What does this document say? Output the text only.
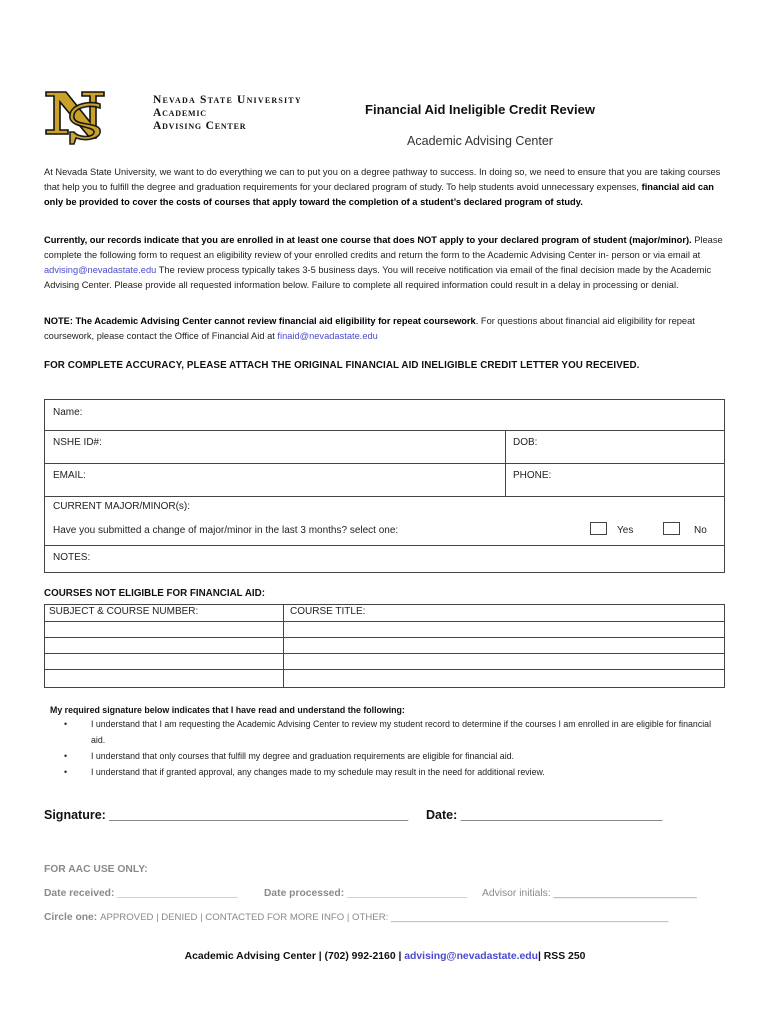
Nevada State University
Academic
Advising Center
Financial Aid Ineligible Credit Review
Academic Advising Center
At Nevada State University, we want to do everything we can to put you on a degree pathway to success. In doing so, we need to ensure that you are taking courses that help you to fulfill the degree and graduation requirements for your declared program of study. To help students avoid unnecessary expenses, financial aid can only be provided to cover the costs of courses that apply toward the completion of a student’s declared program of study.
Currently, our records indicate that you are enrolled in at least one course that does NOT apply to your declared program of student (major/minor). Please complete the following form to request an eligibility review of your enrolled credits and return the form to the Academic Advising Center in- person or via email at advising@nevadastate.edu The review process typically takes 3-5 business days. You will receive notification via email of the final decision made by the Academic Advising Center. Please provide all requested information below. Failure to complete all required information could result in a delay in processing or denial.
NOTE: The Academic Advising Center cannot review financial aid eligibility for repeat coursework. For questions about financial aid eligibility for repeat coursework, please contact the Office of Financial Aid at finaid@nevadastate.edu
FOR COMPLETE ACCURACY, PLEASE ATTACH THE ORIGINAL FINANCIAL AID INELIGIBLE CREDIT LETTER YOU RECEIVED.
Name:
NSHE ID#:	DOB:
EMAIL:	PHONE:
CURRENT MAJOR/MINOR(s):
Have you submitted a change of major/minor in the last 3 months? select one:	Yes	No
NOTES:
COURSES NOT ELIGIBLE FOR FINANCIAL AID:
SUBJECT & COURSE NUMBER:	COURSE TITLE:
My required signature below indicates that I have read and understand the following:
•	I understand that I am requesting the Academic Advising Center to review my student record to determine if the courses I am enrolled in are eligible for financial aid.
•	I understand that only courses that fulfill my degree and graduation requirements are eligible for financial aid.
•	I understand that if granted approval, any changes made to my schedule may result in the need for additional review.
Signature: ___________________________________________ Date: _____________________________
FOR AAC USE ONLY:
Date received: _____________________	Date processed: _____________________ Advisor initials: _________________________
Circle one: APPROVED | DENIED | CONTACTED FOR MORE INFO | OTHER: ____________________________________________________
Academic Advising Center | (702) 992-2160 | advising@nevadastate.edu| RSS 250
